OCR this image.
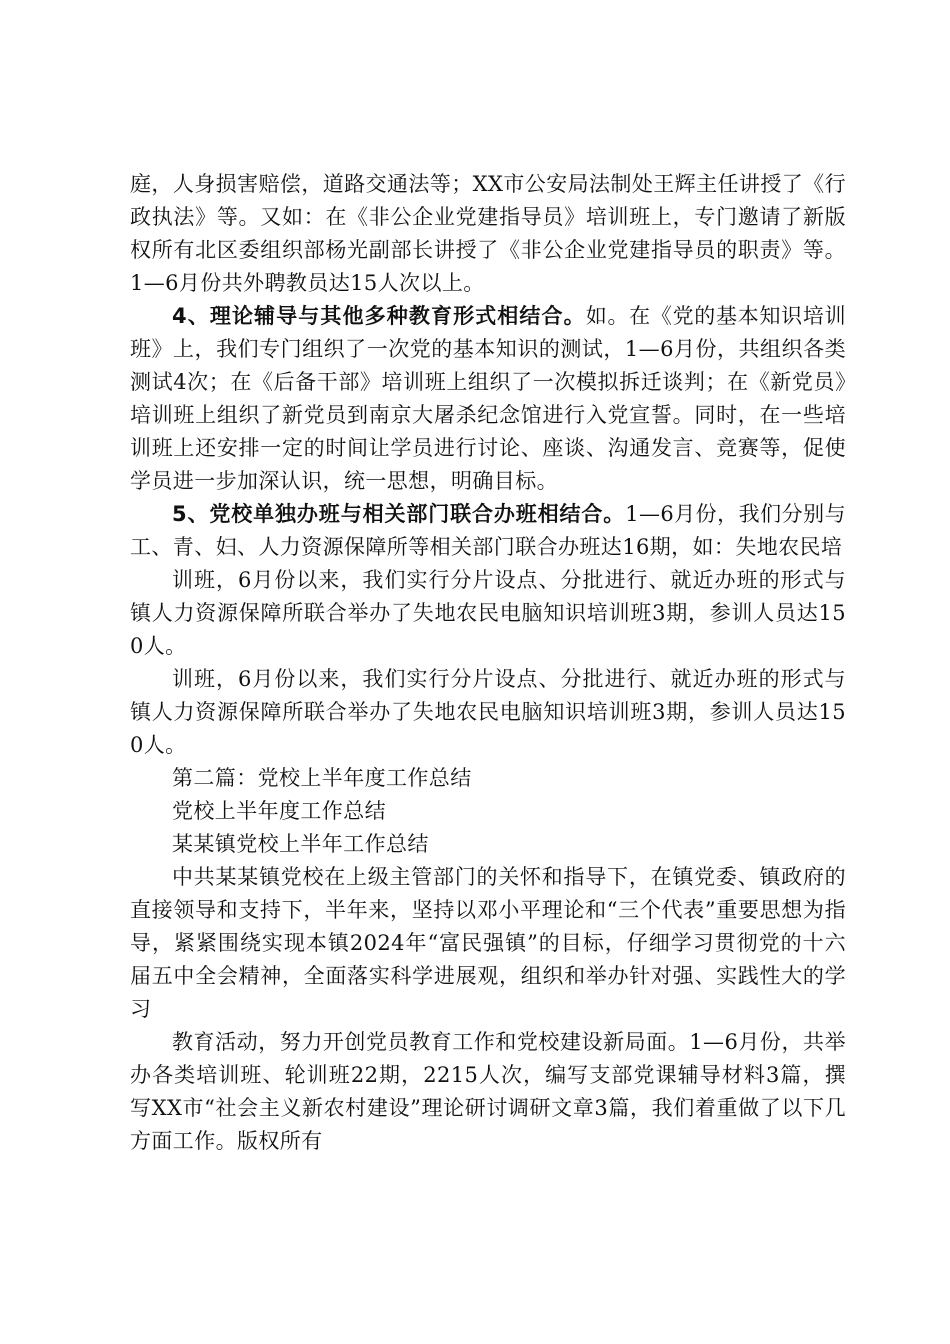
庭，人身损害赔偿，道路交通法等；XX市公安局法制处王辉主任讲授了《行政执法》等。又如：在《非公企业党建指导员》培训班上，专门邀请了新版权所有北区委组织部杨光副部长讲授了《非公企业党建指导员的职责》等。1—6月份共外聘教员达15人次以上。

4、理论辅导与其他多种教育形式相结合。如。在《党的基本知识培训班》上，我们专门组织了一次党的基本知识的测试，1—6月份，共组织各类测试4次；在《后备干部》培训班上组织了一次模拟拆迁谈判；在《新党员》培训班上组织了新党员到南京大屠杀纪念馆进行入党宣誓。同时，在一些培训班上还安排一定的时间让学员进行讨论、座谈、沟通发言、竞赛等，促使学员进一步加深认识，统一思想，明确目标。

5、党校单独办班与相关部门联合办班相结合。1—6月份，我们分别与工、青、妇、人力资源保障所等相关部门联合办班达16期，如：失地农民培

训班，6月份以来，我们实行分片设点、分批进行、就近办班的形式与镇人力资源保障所联合举办了失地农民电脑知识培训班3期，参训人员达150人。

训班，6月份以来，我们实行分片设点、分批进行、就近办班的形式与镇人力资源保障所联合举办了失地农民电脑知识培训班3期，参训人员达150人。

第二篇：党校上半年度工作总结

党校上半年度工作总结

某某镇党校上半年工作总结

中共某某镇党校在上级主管部门的关怀和指导下，在镇党委、镇政府的直接领导和支持下，半年来，坚持以邓小平理论和“三个代表”重要思想为指导，紧紧围绕实现本镇2024年“富民强镇”的目标，仔细学习贯彻党的十六届五中全会精神，全面落实科学进展观，组织和举办针对强、实践性大的学习

教育活动，努力开创党员教育工作和党校建设新局面。1—6月份，共举办各类培训班、轮训班22期，2215人次，编写支部党课辅导材料3篇，撰写XX市“社会主义新农村建设”理论研讨调研文章3篇，我们着重做了以下几方面工作。版权所有
